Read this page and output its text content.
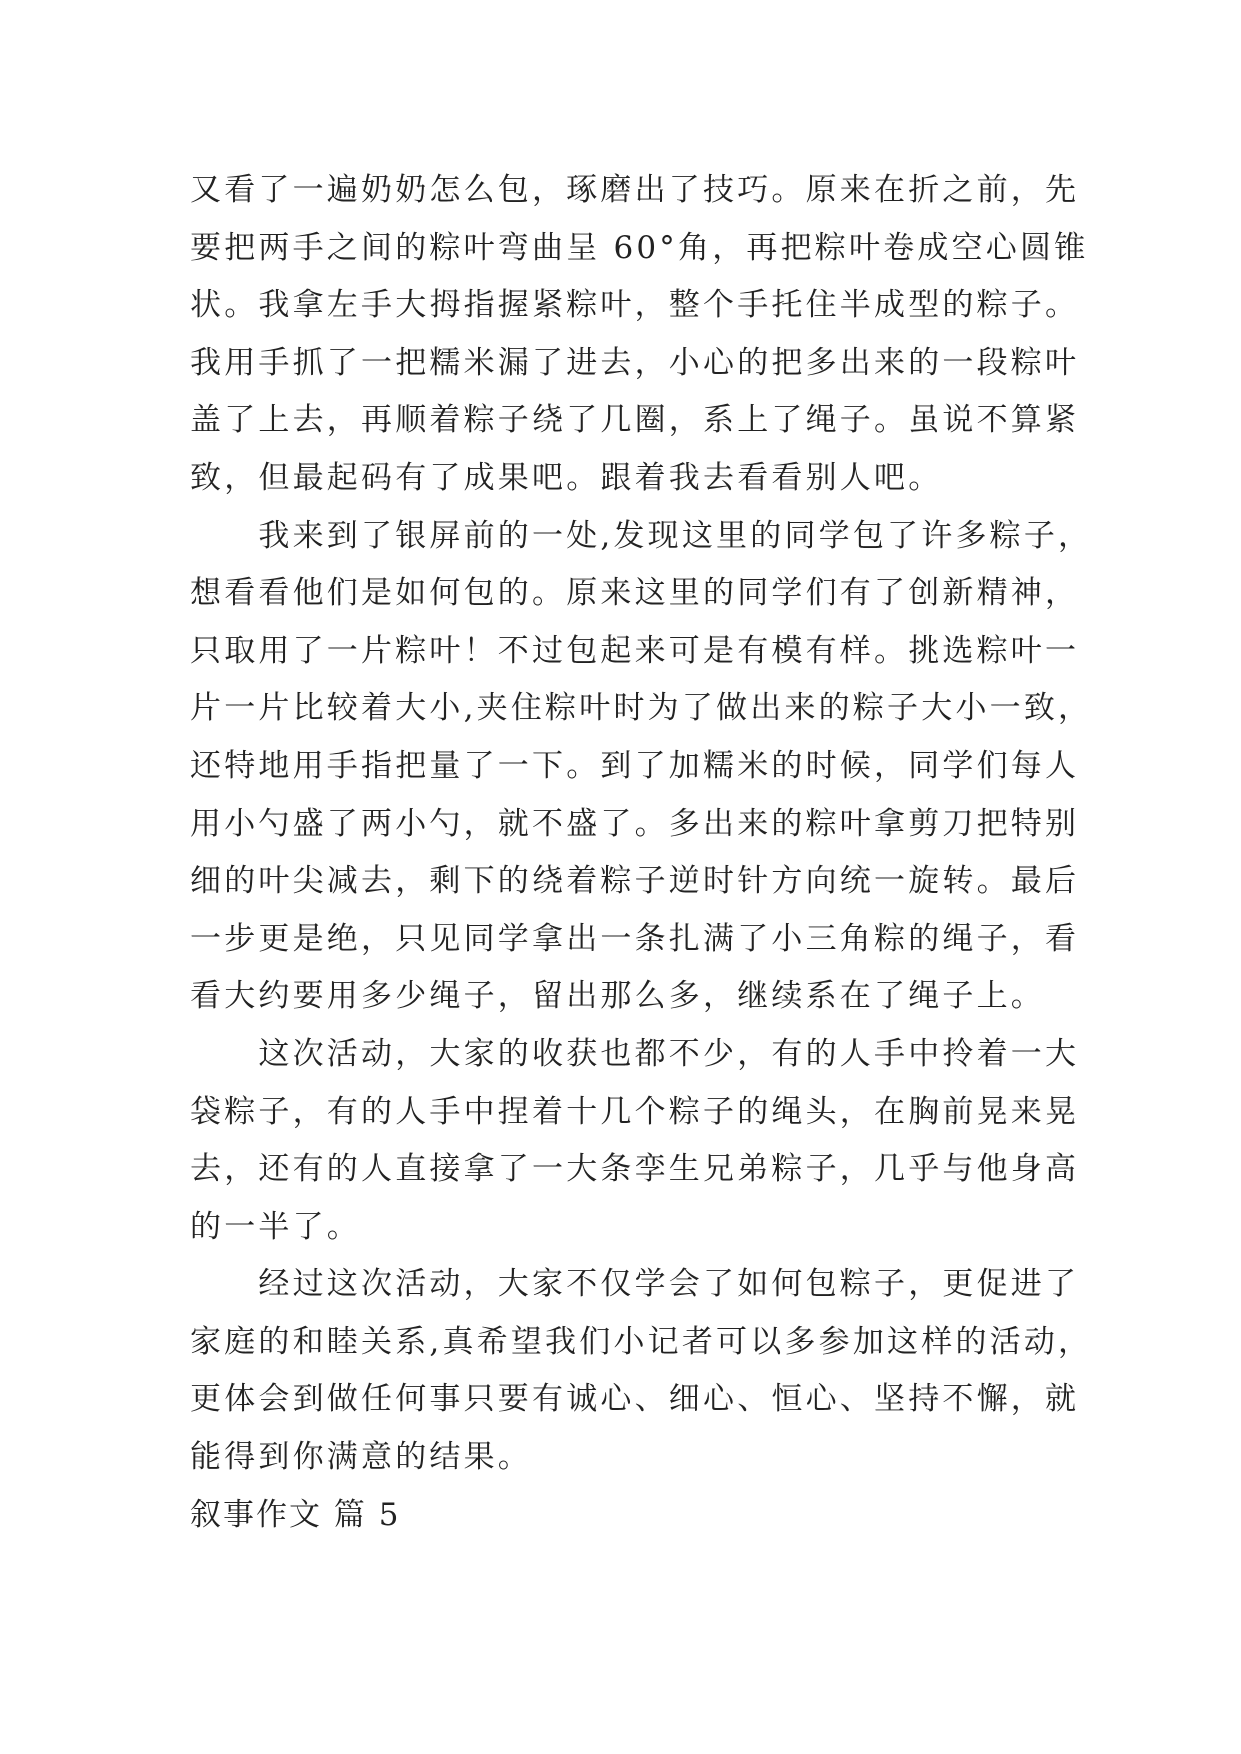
又看了一遍奶奶怎么包，琢磨出了技巧。原来在折之前，先
要把两手之间的粽叶弯曲呈 60°角，再把粽叶卷成空心圆锥
状。我拿左手大拇指握紧粽叶，整个手托住半成型的粽子。
我用手抓了一把糯米漏了进去，小心的把多出来的一段粽叶
盖了上去，再顺着粽子绕了几圈，系上了绳子。虽说不算紧
致，但最起码有了成果吧。跟着我去看看别人吧。
　　我来到了银屏前的一处,发现这里的同学包了许多粽子，
想看看他们是如何包的。原来这里的同学们有了创新精神，
只取用了一片粽叶！不过包起来可是有模有样。挑选粽叶一
片一片比较着大小,夹住粽叶时为了做出来的粽子大小一致，
还特地用手指把量了一下。到了加糯米的时候，同学们每人
用小勺盛了两小勺，就不盛了。多出来的粽叶拿剪刀把特别
细的叶尖减去，剩下的绕着粽子逆时针方向统一旋转。最后
一步更是绝，只见同学拿出一条扎满了小三角粽的绳子，看
看大约要用多少绳子，留出那么多，继续系在了绳子上。
　　这次活动，大家的收获也都不少，有的人手中拎着一大
袋粽子，有的人手中捏着十几个粽子的绳头，在胸前晃来晃
去，还有的人直接拿了一大条孪生兄弟粽子，几乎与他身高
的一半了。
　　经过这次活动，大家不仅学会了如何包粽子，更促进了
家庭的和睦关系,真希望我们小记者可以多参加这样的活动，
更体会到做任何事只要有诚心、细心、恒心、坚持不懈，就
能得到你满意的结果。
叙事作文 篇 5
